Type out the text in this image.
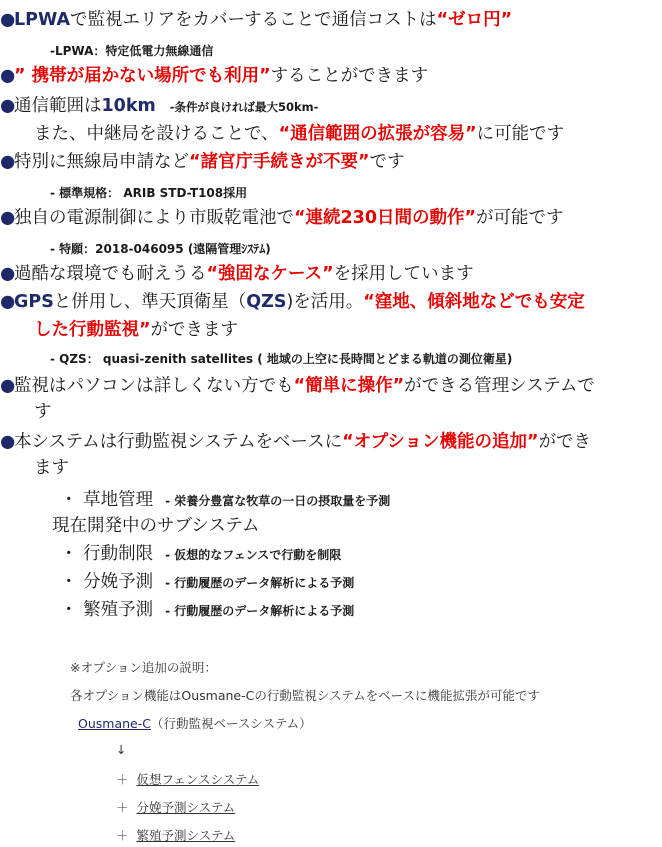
●LPWAで監視エリアをカバーすることで通信コストは“ゼロ円”
-LPWA：特定低電力無線通信
●” 携帯が届かない場所でも利用”することができます
●通信範囲は10km -条件が良ければ最大50km-
また、中継局を設けることで、“通信範囲の拡張が容易”に可能です
●特別に無線局申請など“諸官庁手続きが不要”です
- 標準規格： ARIB STD-T108採用
●独自の電源制御により市販乾電池で“連続230日間の動作”が可能です
- 特願：2018-046095 (遠隔管理ｼｽﾃﾑ)
●過酷な環境でも耐えうる“強固なケース”を採用しています
●GPSと併用し、準天頂衛星（QZS)を活用。“窪地、傾斜地などでも安定
した行動監視”ができます
- QZS： quasi-zenith satellites ( 地域の上空に長時間とどまる軌道の測位衛星)
●監視はパソコンは詳しくない方でも“簡単に操作”ができる管理システムで
す
●本システムは行動監視システムをベースに“オプション機能の追加”ができ
ます
・ 草地管理 - 栄養分豊富な牧草の一日の摂取量を予測
現在開発中のサブシステム
・ 行動制限 - 仮想的なフェンスで行動を制限
・ 分娩予測 - 行動履歴のデータ解析による予測
・ 繁殖予測 - 行動履歴のデータ解析による予測
※オプション追加の説明：
各オプション機能はOusmane-Cの行動監視システムをベースに機能拡張が可能です
Ousmane-C（行動監視ベースシステム）
↓
＋ 仮想フェンスシステム
＋ 分娩予測システム
＋ 繁殖予測システム
